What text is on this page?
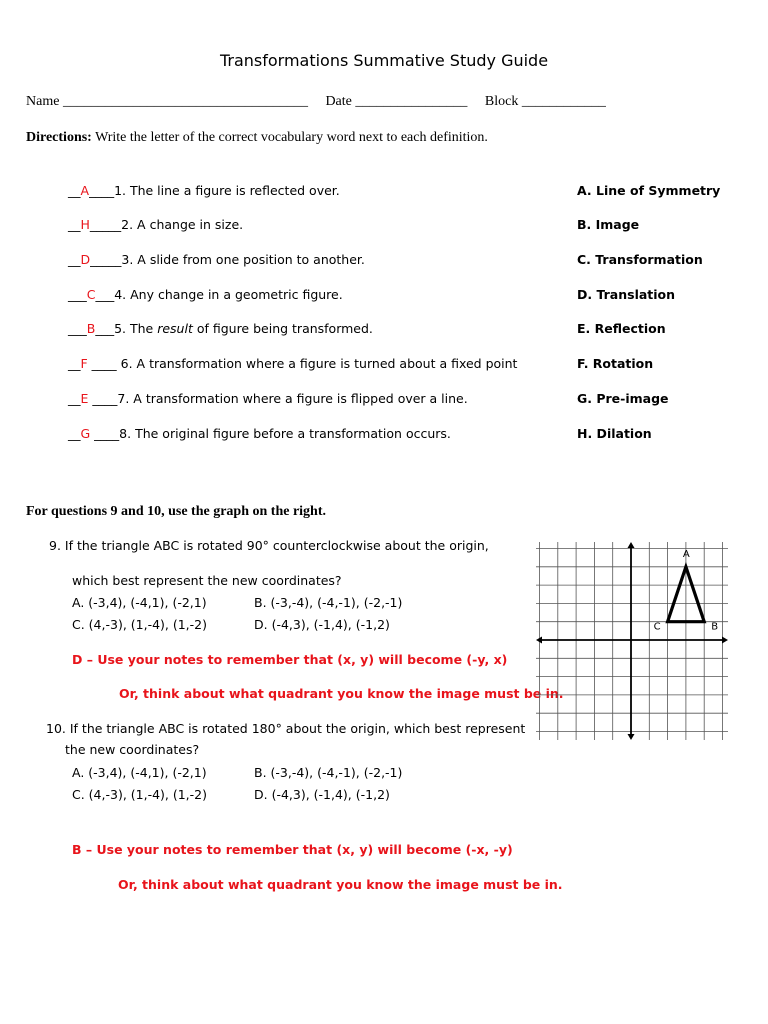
Transformations Summative Study Guide
Name ___________________________________ Date ________________ Block ____________
Directions: Write the letter of the correct vocabulary word next to each definition.
__A____1. The line a figure is reflected over.
__H_____2. A change in size.
__D_____3. A slide from one position to another.
___C___4. Any change in a geometric figure.
___B___5. The result of figure being transformed.
__F ____ 6. A transformation where a figure is turned about a fixed point
__E ____7. A transformation where a figure is flipped over a line.
__G ____8. The original figure before a transformation occurs.
A. Line of Symmetry
B. Image
C. Transformation
D. Translation
E. Reflection
F. Rotation
G. Pre-image
H. Dilation
For questions 9 and 10, use the graph on the right.
9. If the triangle ABC is rotated 90° counterclockwise about the origin,
which best represent the new coordinates?
A. (-3,4), (-4,1), (-2,1)	B. (-3,-4), (-4,-1), (-2,-1)
C. (4,-3), (1,-4), (1,-2)	D. (-4,3), (-1,4), (-1,2)
D – Use your notes to remember that (x, y) will become (-y, x)
Or, think about what quadrant you know the image must be in.
10. If the triangle ABC is rotated 180° about the origin, which best represent
the new coordinates?
A. (-3,4), (-4,1), (-2,1)	B. (-3,-4), (-4,-1), (-2,-1)
C. (4,-3), (1,-4), (1,-2)	D. (-4,3), (-1,4), (-1,2)
B – Use your notes to remember that (x, y) will become (-x, -y)
Or, think about what quadrant you know the image must be in.
A
B
C
